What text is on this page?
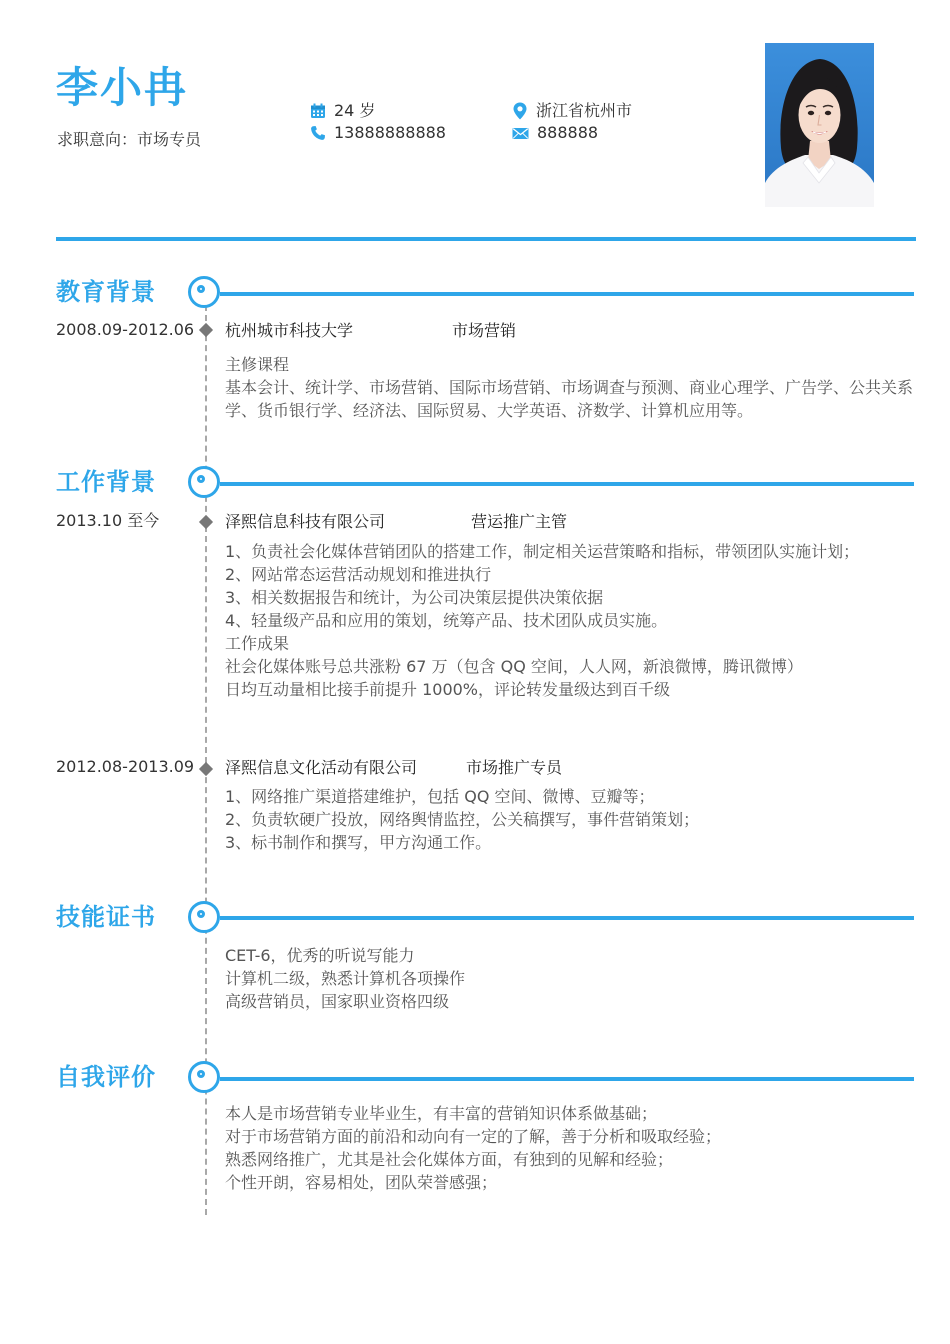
李小冉
求职意向：市场专员
24 岁
13888888888
浙江省杭州市
888888
教育背景
2008.09-2012.06 杭州城市科技大学	市场营销
主修课程
基本会计、统计学、市场营销、国际市场营销、市场调查与预测、商业心理学、广告学、公共关系学、货币银行学、经济法、国际贸易、大学英语、济数学、计算机应用等。
工作背景
2013.10 至今	泽熙信息科技有限公司	营运推广主管
1、负责社会化媒体营销团队的搭建工作，制定相关运营策略和指标，带领团队实施计划；
2、网站常态运营活动规划和推进执行
3、相关数据报告和统计，为公司决策层提供决策依据
4、轻量级产品和应用的策划，统筹产品、技术团队成员实施。
工作成果
社会化媒体账号总共涨粉 67 万（包含 QQ 空间，人人网，新浪微博，腾讯微博）
日均互动量相比接手前提升 1000%，评论转发量级达到百千级
2012.08-2013.09 泽熙信息文化活动有限公司	市场推广专员
1、网络推广渠道搭建维护，包括 QQ 空间、微博、豆瓣等；
2、负责软硬广投放，网络舆情监控，公关稿撰写，事件营销策划；
3、标书制作和撰写，甲方沟通工作。
技能证书
CET-6，优秀的听说写能力
计算机二级，熟悉计算机各项操作
高级营销员，国家职业资格四级
自我评价
本人是市场营销专业毕业生，有丰富的营销知识体系做基础；
对于市场营销方面的前沿和动向有一定的了解，善于分析和吸取经验；
熟悉网络推广，尤其是社会化媒体方面，有独到的见解和经验；
个性开朗，容易相处，团队荣誉感强；
